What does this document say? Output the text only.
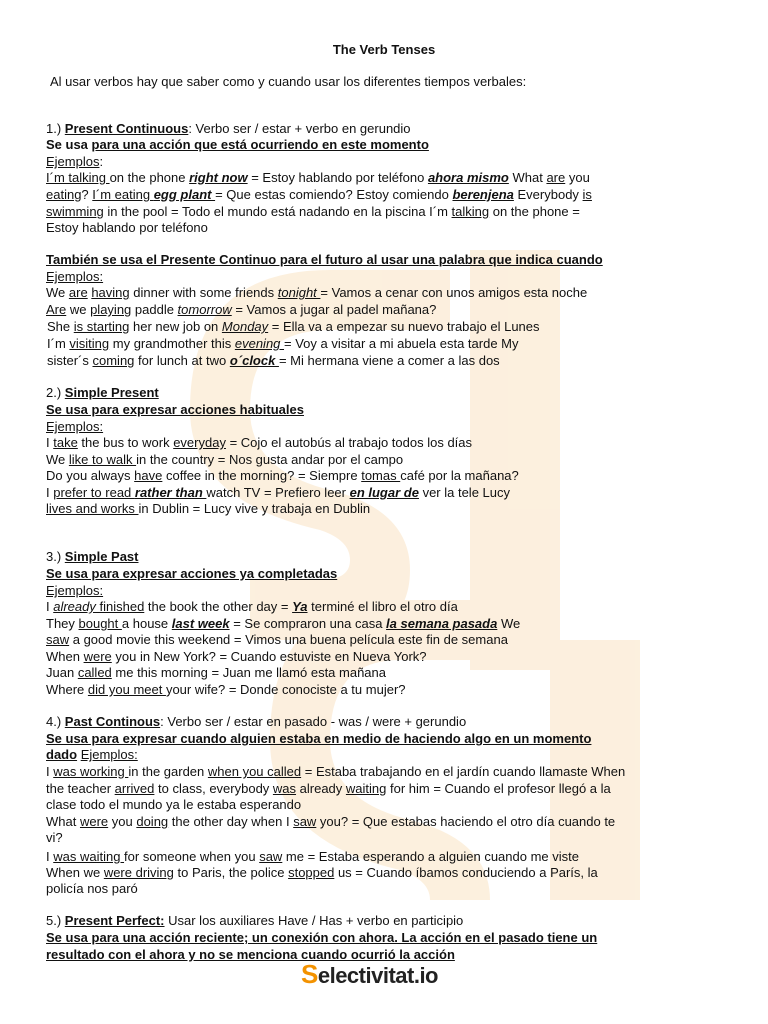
The Verb Tenses
Al usar verbos hay que saber como y cuando usar los diferentes tiempos verbales:
1.) Present Continuous: Verbo ser / estar + verbo en gerundio
Se usa para una acción que está ocurriendo en este momento
Ejemplos:
I´m talking on the phone right now = Estoy hablando por teléfono ahora mismo What are you
eating? I´m eating egg plant = Que estas comiendo? Estoy comiendo berenjena Everybody is
swimming in the pool = Todo el mundo está nadando en la piscina I´m talking on the phone =
Estoy hablando por teléfono
También se usa el Presente Continuo para el futuro al usar una palabra que indica cuando
Ejemplos:
We are having dinner with some friends tonight = Vamos a cenar con unos amigos esta noche
Are we playing paddle tomorrow = Vamos a jugar al padel mañana?
She is starting her new job on Monday = Ella va a empezar su nuevo trabajo el Lunes
I´m visiting my grandmother this evening = Voy a visitar a mi abuela esta tarde My
sister´s coming for lunch at two o´clock = Mi hermana viene a comer a las dos
2.) Simple Present
Se usa para expresar acciones habituales
Ejemplos:
I take the bus to work everyday = Cojo el autobús al trabajo todos los días
We like to walk in the country = Nos gusta andar por el campo
Do you always have coffee in the morning? = Siempre tomas café por la mañana?
I prefer to read rather than watch TV = Prefiero leer en lugar de ver la tele Lucy
lives and works in Dublin = Lucy vive y trabaja en Dublin
3.) Simple Past
Se usa para expresar acciones ya completadas
Ejemplos:
I already finished the book the other day = Ya terminé el libro el otro día
They bought a house last week = Se compraron una casa la semana pasada We
saw a good movie this weekend = Vimos una buena película este fin de semana
When were you in New York? = Cuando estuviste en Nueva York?
Juan called me this morning = Juan me llamó esta mañana
Where did you meet your wife? = Donde conociste a tu mujer?
4.) Past Continous: Verbo ser / estar en pasado - was / were + gerundio
Se usa para expresar cuando alguien estaba en medio de haciendo algo en un momento
dado Ejemplos:
I was working in the garden when you called = Estaba trabajando en el jardín cuando llamaste When
the teacher arrived to class, everybody was already waiting for him = Cuando el profesor llegó a la
clase todo el mundo ya le estaba esperando
What were you doing the other day when I saw you? = Que estabas haciendo el otro día cuando te
vi?
I was waiting for someone when you saw me = Estaba esperando a alguien cuando me viste
When we were driving to Paris, the police stopped us = Cuando íbamos conduciendo a París, la
policía nos paró
5.) Present Perfect: Usar los auxiliares Have / Has + verbo en participio
Se usa para una acción reciente; un conexión con ahora. La acción en el pasado tiene un
resultado con el ahora y no se menciona cuando ocurrió la acción
Selectivitat.io
